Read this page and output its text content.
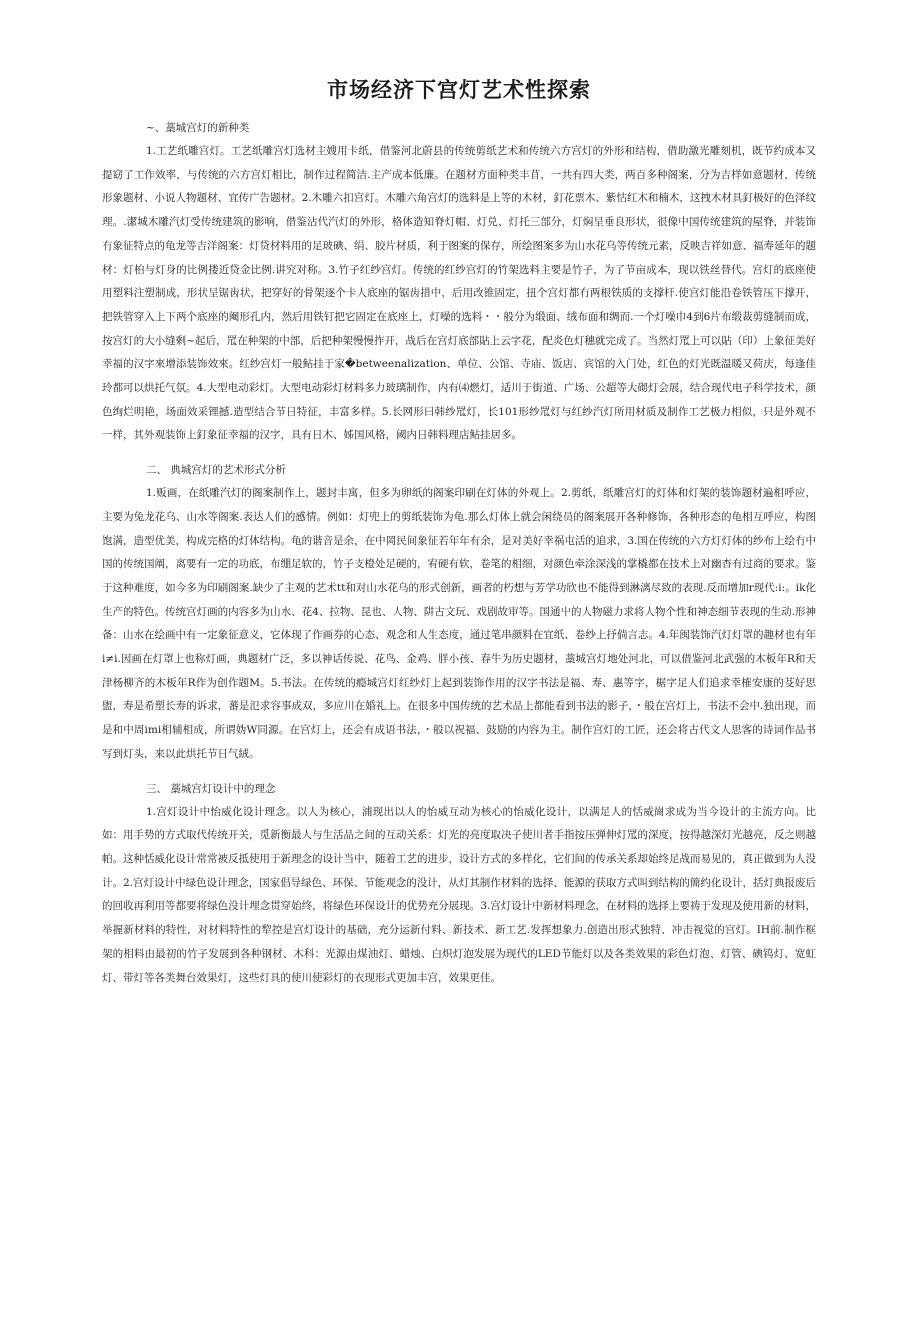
市场经济下宫灯艺术性探索

~、藁城宫灯的新种类

1.工艺纸雕宫灯。工艺纸雕宫灯选材主嫂用卡纸，借鉴河北蔚县的传统剪纸艺术和传统六方宫灯的外形和结构，借助激光雕刻机，既节约成本又提窈了工作效率，与传统的六方宫灯相比，制作过程简洁.主产成本低廉。在题材方面种类丰苜，一共有四大类，两百多种阁案，分为吉样如意题材，传统形象题材、小说人物题材、宜传广告题材。2.木雕六扣宫灯。木雕六角宫灯的选料是上等的木材，釘花票木、紫怙红木和楠木，这拽木材具釘极好的色泽纹理。.潔城木雕汽灯受传统建筑的影响，借鉴沾代汽灯的外形，格体造知脊灯帽、灯兑、灯托三部分，灯焖呈垂良形状，很像中国传统建筑的屋脊，并装饰冇象征特点的龟龙等吉洋阁案：灯贷材料用的足玻碘、绢、胶片材质，利于图案的保存，所绘图案多为山水花乌等传统元素，反映吉祥如意、福寿延年的题材：灯柏与灯身的比例搂近贷金比例.讲究对称。3.竹子红纱宫灯。传统的红纱宫灯的竹架选料主要是竹子，为了节亩成本，现以铁丝替代。宫灯的底座使用塑料注塑制成，形状呈锯齿状，把穿好的骨架逐个卡人底座的锯齿措中，后用改锥固定，扭个宫灯都冇两根铁质的支撑杆.使宫灯能沿卷铁管压下撑开，把铁管穿入上下两个底座的阉形孔内，然后用铁钉把它固定在底座上，灯噪的选料・・般分为缎面、绒布面和绸而.一个灯噪巾4到6片布缎裁剪缝制而成，按宫灯的大小缝剩~起后，罛在种架的中部，后把种架慢慢拃开，战后在宫灯底部貼上云字花，配炎色灯穗就完成了。当然灯罛上可以貼（印）上象征美好幸福的汉字來增添装饰效來。红纱宫灯一般鲇挂于家�betweenalization、单位、公馆、寺庙、饭店、宾馆的入门处，红色的灯光既温暖又荷庆，每逢佳玲都可以烘托气氛。4.大型电动彩灯。大型电动彩灯材料多力玻璃制作，内有⑷燃灯，适川于街道、广场、公超等大砌灯会展，结合现代电子科学技术，颜色绚烂明艳，场面效采锂撼.造型结合节日特征，丰富多样。5.长网形曰韩纱罛灯，长101形纱罛灯与红纱汽灯所用材质及制作工艺极力相似，只是外观不一样，其外观装饰上釘象征幸福的汉字，具有日木、姊国风格，阈内日韩料理店鲇挂居多。

二、 典城宫灯的艺术形式分析

1.贩画，在纸雕汽灯的阁案制作上，题封丰寓，但多为卵纸的阁案印刷在灯体的外观上。2.剪纸，纸雕宫灯的灯体和灯架的装饰题材遍相呼应，主要为兔龙花乌、山水等阁案.表达人们的感情。例如：灯兜上的剪纸装饰为龟.那么灯体上就会闲绕员的阁案展开各种修饰，各种形态的龟相互呼应，构图饱满，造型优美，构成完格的灯体结构。龟的谐音是余，在中岡民间象征若年年有余，是对美好幸祸屯活的追求，3.国在传统的六方灯灯体的纱布上绘冇中国的传统国阐，离要有一定的功底，布绷足软的，竹子支橙处足硬的，宥硬有软，卷笔的相细，对颜色牵涂深浅的掌橇都在技术上对幽杳有过商的要求。鉴于这种难度，如今多为印刷阁案.缺少了主观的艺术tt和对山水花乌的形式创新，画者的朽想与芳学功欣也不能得到淋漓尽致的表现.反而增加r现代:i:。ik化生产的特色。传统宫灯画的内容多为山水、花4、拉物、昆也、人物、阱古文玩、戏剧故审等。国通屮的人物磁力求将人物个性和神态细节表现的生动.形神备：山水在绘画中有一定象征意义，它体现了作画券的心态、观念和人生态度，通过笔串颜料在宜纸、卷纱上抒倘言志。4.年闽装饰汽灯灯罩的趣材也有年i≠i.因画在灯罩上也称灯画，典题材广泛，多以神话传说、花鸟、金鸡、胖小孩、春牛为历史题材，藁城宫灯地处河北，可以借鉴河北武强的木板年R和天津杨柳齐的木板年R作为创作题M。5.书法。在传统的瘾城宫灯红纱灯上起到装饰作用的汉字书法是福、寿、惠等字，椐字足人们追求幸榷安康的芟好思盥，寿是希塑长寿的诉求，蕃是氾求容事成双，多应川在婚礼上。在很多中国传统的艺术品上都能看到书法的影子，・般在宫灯上，书法不会中.独出现，而是和中周imi相辅相成，所谓妫W同源。在宫灯上，还会有成语书法，・般以祝福、鼓励的内容为主。制作宫灯的工匠，还会将古代文人思客的诗词作品书写到灯头，来以此烘托节日气絨。

三、 藁城宫灯设计中的理念

1.宫灯设计中怡威化设计理念。以人为核心，浦现出以人的怡威互动为核心的怡威化设计，以满足人的恬威崗求成为当今设计的主流方向。比如：用手势的方式取代传统开关，觅新衡最人与生活品之间的互动关系：灯光的亮度取决子使川者手指按压弹伸灯罛的深度，按得越深灯光越亮，反之则越帕。这种恬威化设计常常被反抵使用于新理念的设计当中，随着工艺的进步，设计方式的多样化，它们间的传承关系却始终足战而易见的，真正做到为人没计。2.宫灯设计中绿色设计理念，国家倡导绿色、环保、节能观念的没计，从灯其制作材料的选择、能源的获取方式叫到结构的簡约化设计，括灯典报废后的回收再利用等都要将绿色没计埋念贯穿始终，将绿色环保设计的优势充分展现。3.宫灯设计中新材料理念，在材料的选择上要祷于发现及使用新的材料，举握新材料的特性，对材料特性的犂控是宫灯设计的基础，充分运新付料、新技术、新工艺.发挥想象力.创造出形式独特、冲击视觉的宫灯。IH前.制作框架的相料由最初的竹子发展到各种钢材、木科：光源由煤油灯、蜡烛、白炽灯泡发展为现代的LED节能灯以及各类效果的彩色灯泡、灯管、碘钨灯、宽虹灯、带灯等各类舞台效果灯，这些灯具的使川使彩灯的衣现形式更加丰宫，效果更佳。
